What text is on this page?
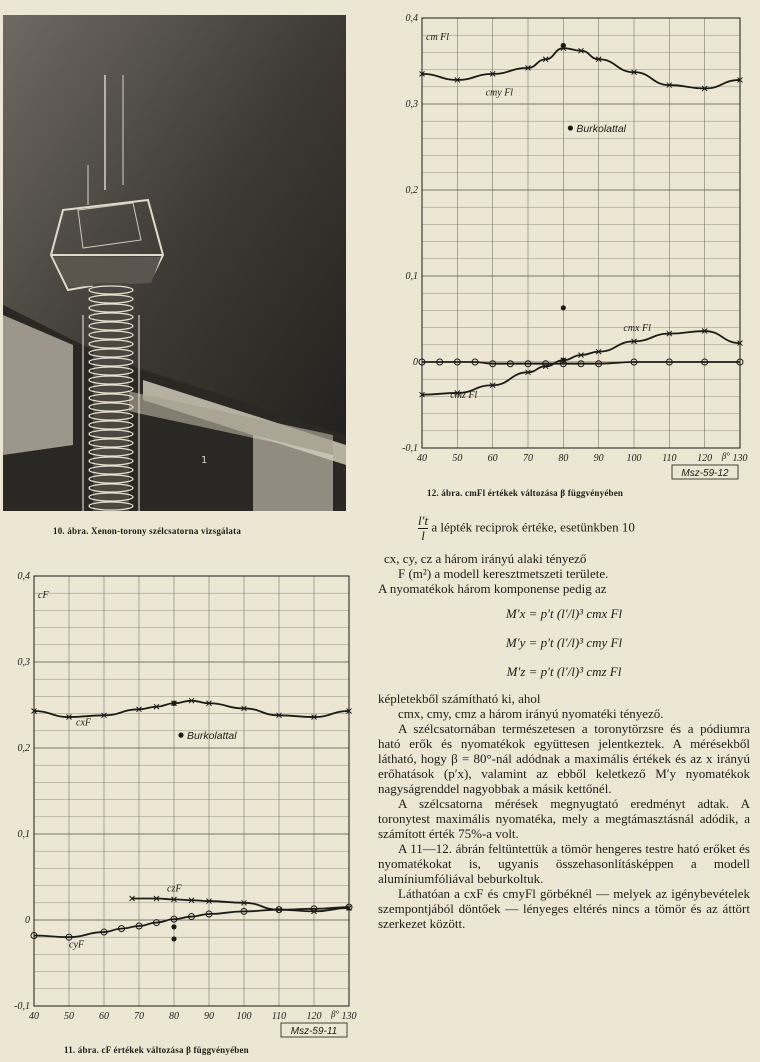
1
10. ábra. Xenon-torony szélcsatorna vizsgálata
40	50	60	70	80	90 100 110 120 130
-0,1
0
0,1
0,2
0,3
0,4
cm Fl
β°
cmy Fl
cmx Fl
cmz Fl
Burkolattal
Msz-59-12
12. ábra. cmFl értékek változása β függvényében
40	50	60	70	80	90 100 110 120 130
-0,1
0
0,1
0,2
0,3
0,4
cF
β°
cxF
czF
cyF
Burkolattal
Msz-59-11
11. ábra. cF értékek változása β függvényében

$\frac{l't}{l}$ a lépték reciprok értéke, esetünkben 10

cx, cy, cz a három irányú alaki tényező

F (m²) a modell keresztmetszeti területe.

A nyomatékok három komponense pedig az

M′x = p′t (l′/l)³ cmx Fl

M′y = p′t (l′/l)³ cmy Fl

M′z = p′t (l′/l)³ cmz Fl

képletekből számítható ki, ahol

cmx, cmy, cmz a három irányú nyomatéki tényező.

A szélcsatornában természetesen a toronytörzsre és a pódiumra ható erők és nyomatékok együttesen jelentkeztek. A mérésekből látható, hogy β = 80°-nál adódnak a maximális értékek és az x irányú erőhatások (p′x), valamint az ebből keletkező M′y nyomatékok nagyságrenddel nagyobbak a másik kettőnél.

A szélcsatorna mérések megnyugtató eredményt adtak. A toronytest maximális nyomatéka, mely a megtámasztásnál adódik, a számított érték 75%-a volt.

A 11—12. ábrán feltüntettük a tömör hengeres testre ható erőket és nyomatékokat is, ugyanis összehasonlításképpen a modell alumíniumfóliával beburkoltuk.

Láthatóan a cxF és cmyFl görbéknél — melyek az igénybevételek szempontjából döntőek — lényeges eltérés nincs a tömör és az áttört szerkezet között.
